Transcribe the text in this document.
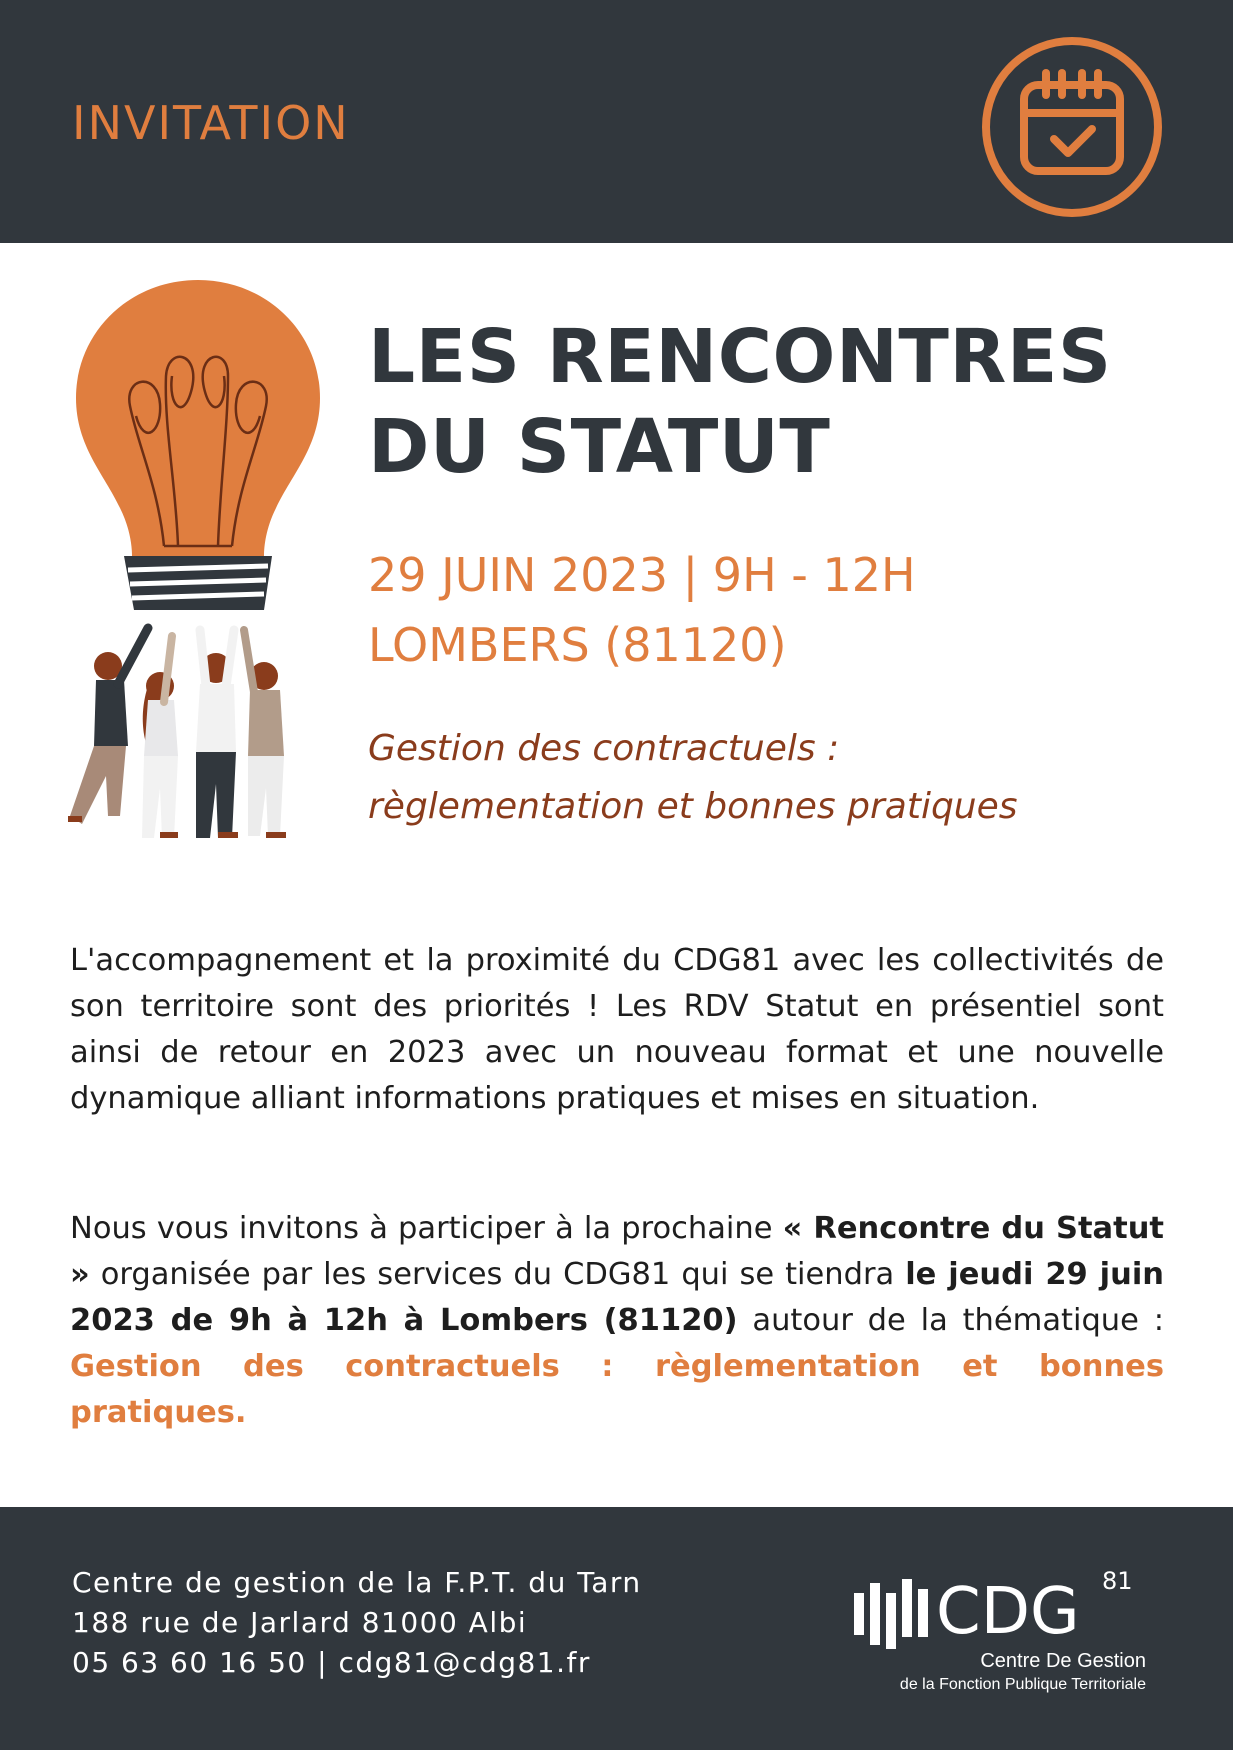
INVITATION
LES RENCONTRES
DU STATUT
29 JUIN 2023 | 9H - 12H
LOMBERS (81120)
Gestion des contractuels :
règlementation et bonnes pratiques
L'accompagnement et la proximité du CDG81 avec les collectivités de son territoire sont des priorités ! Les RDV Statut en présentiel sont ainsi de retour en 2023 avec un nouveau format et une nouvelle dynamique alliant informations pratiques et mises en situation.
Nous vous invitons à participer à la prochaine « Rencontre du Statut » organisée par les services du CDG81 qui se tiendra le jeudi 29 juin 2023 de 9h à 12h à Lombers (81120) autour de la thématique : Gestion des contractuels : règlementation et bonnes pratiques.
Centre de gestion de la F.P.T. du Tarn
188 rue de Jarlard 81000 Albi
05 63 60 16 50 | cdg81@cdg81.fr
CDG 81
Centre De Gestion
de la Fonction Publique Territoriale
